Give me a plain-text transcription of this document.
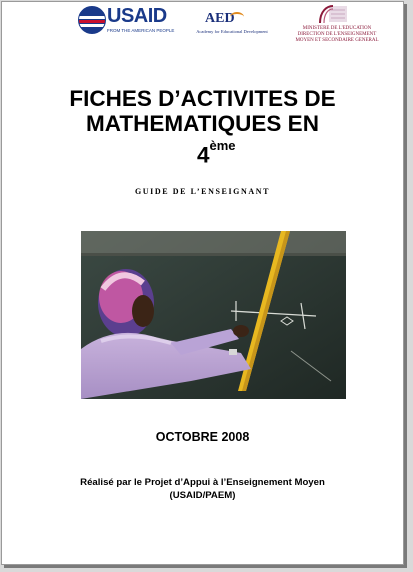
USAID
FROM THE AMERICAN PEOPLE
AED
Academy for Educational Development
MINISTERE DE L'EDUCATION
DIRECTION DE L'ENSEIGNEMENT
MOYEN ET SECONDAIRE GENERAL
FICHES D’ACTIVITES DE
MATHEMATIQUES EN
4ème
GUIDE DE L’ENSEIGNANT
OCTOBRE 2008
Réalisé par le Projet d’Appui à l’Enseignement Moyen
(USAID/PAEM)
